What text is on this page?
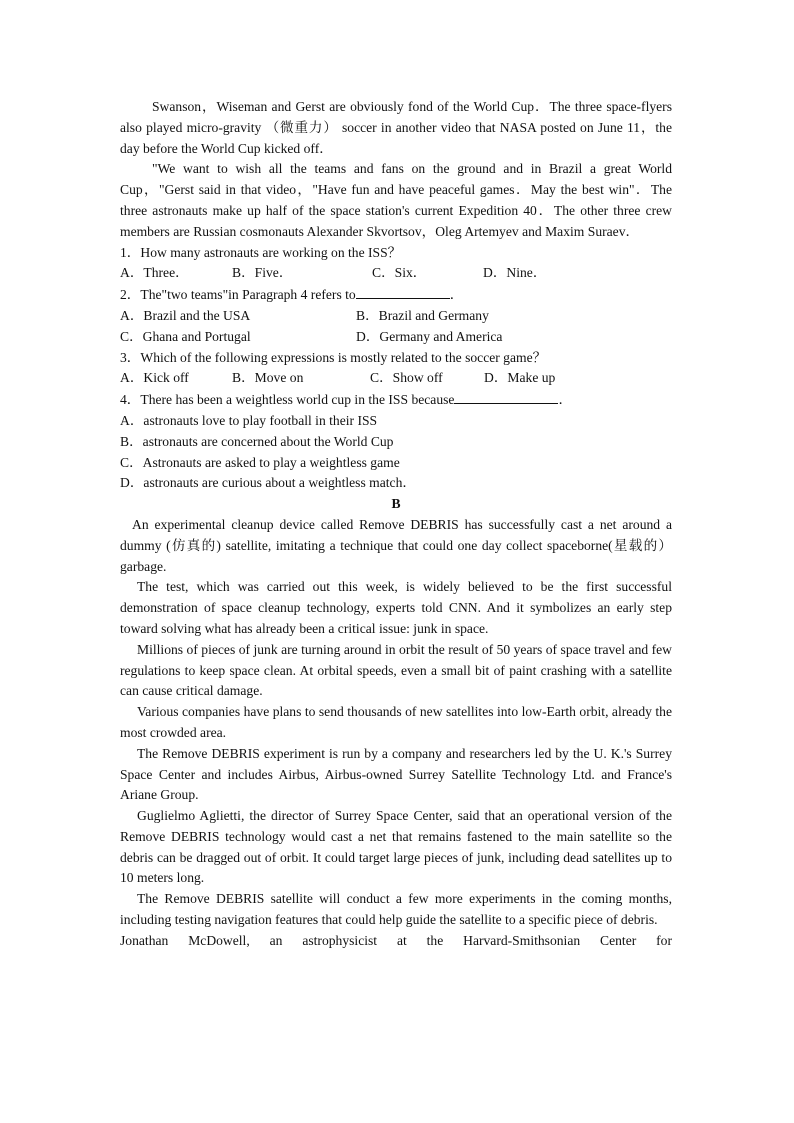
Swanson，Wiseman and Gerst are obviously fond of the World Cup．The three space-flyers also played micro-gravity （微重力） soccer in another video that NASA posted on June 11，the day before the World Cup kicked off．

"We want to wish all the teams and fans on the ground and in Brazil a great World Cup，"Gerst said in that video，"Have fun and have peaceful games．May the best win"．The three astronauts make up half of the space station's current Expedition 40．The other three crew members are Russian cosmonauts Alexander Skvortsov，Oleg Artemyev and Maxim Suraev．

1．How many astronauts are working on the ISS？

A．Three．	B．Five．	C．Six．	D．Nine．

2．The"two teams"in Paragraph 4 refers to	．

A．Brazil and the USA	B．Brazil and Germany
C．Ghana and Portugal	D．Germany and America

3．Which of the following expressions is mostly related to the soccer game？

A．Kick off	B．Move on	C．Show off	D．Make up

4．There has been a weightless world cup in the ISS because	．

A．astronauts love to play football in their ISS

B．astronauts are concerned about the World Cup

C．Astronauts are asked to play a weightless game

D．astronauts are curious about a weightless match．

B

An experimental cleanup device called Remove DEBRIS has successfully cast a net around a dummy (仿真的) satellite, imitating a technique that could one day collect spaceborne(星载的）garbage.

The test, which was carried out this week, is widely believed to be the first successful demonstration of space cleanup technology, experts told CNN. And it symbolizes an early step toward solving what has already been a critical issue: junk in space.

Millions of pieces of junk are turning around in orbit the result of 50 years of space travel and few regulations to keep space clean. At orbital speeds, even a small bit of paint crashing with a satellite can cause critical damage.

Various companies have plans to send thousands of new satellites into low-Earth orbit, already the most crowded area.

The Remove DEBRIS experiment is run by a company and researchers led by the U. K.'s Surrey Space Center and includes Airbus, Airbus-owned Surrey Satellite Technology Ltd. and France's Ariane Group.

Guglielmo Aglietti, the director of Surrey Space Center, said that an operational version of the Remove DEBRIS technology would cast a net that remains fastened to the main satellite so the debris can be dragged out of orbit. It could target large pieces of junk, including dead satellites up to 10 meters long.

The Remove DEBRIS satellite will conduct a few more experiments in the coming months, including testing navigation features that could help guide the satellite to a specific piece of debris.

Jonathan McDowell, an astrophysicist at the Harvard-Smithsonian Center for
